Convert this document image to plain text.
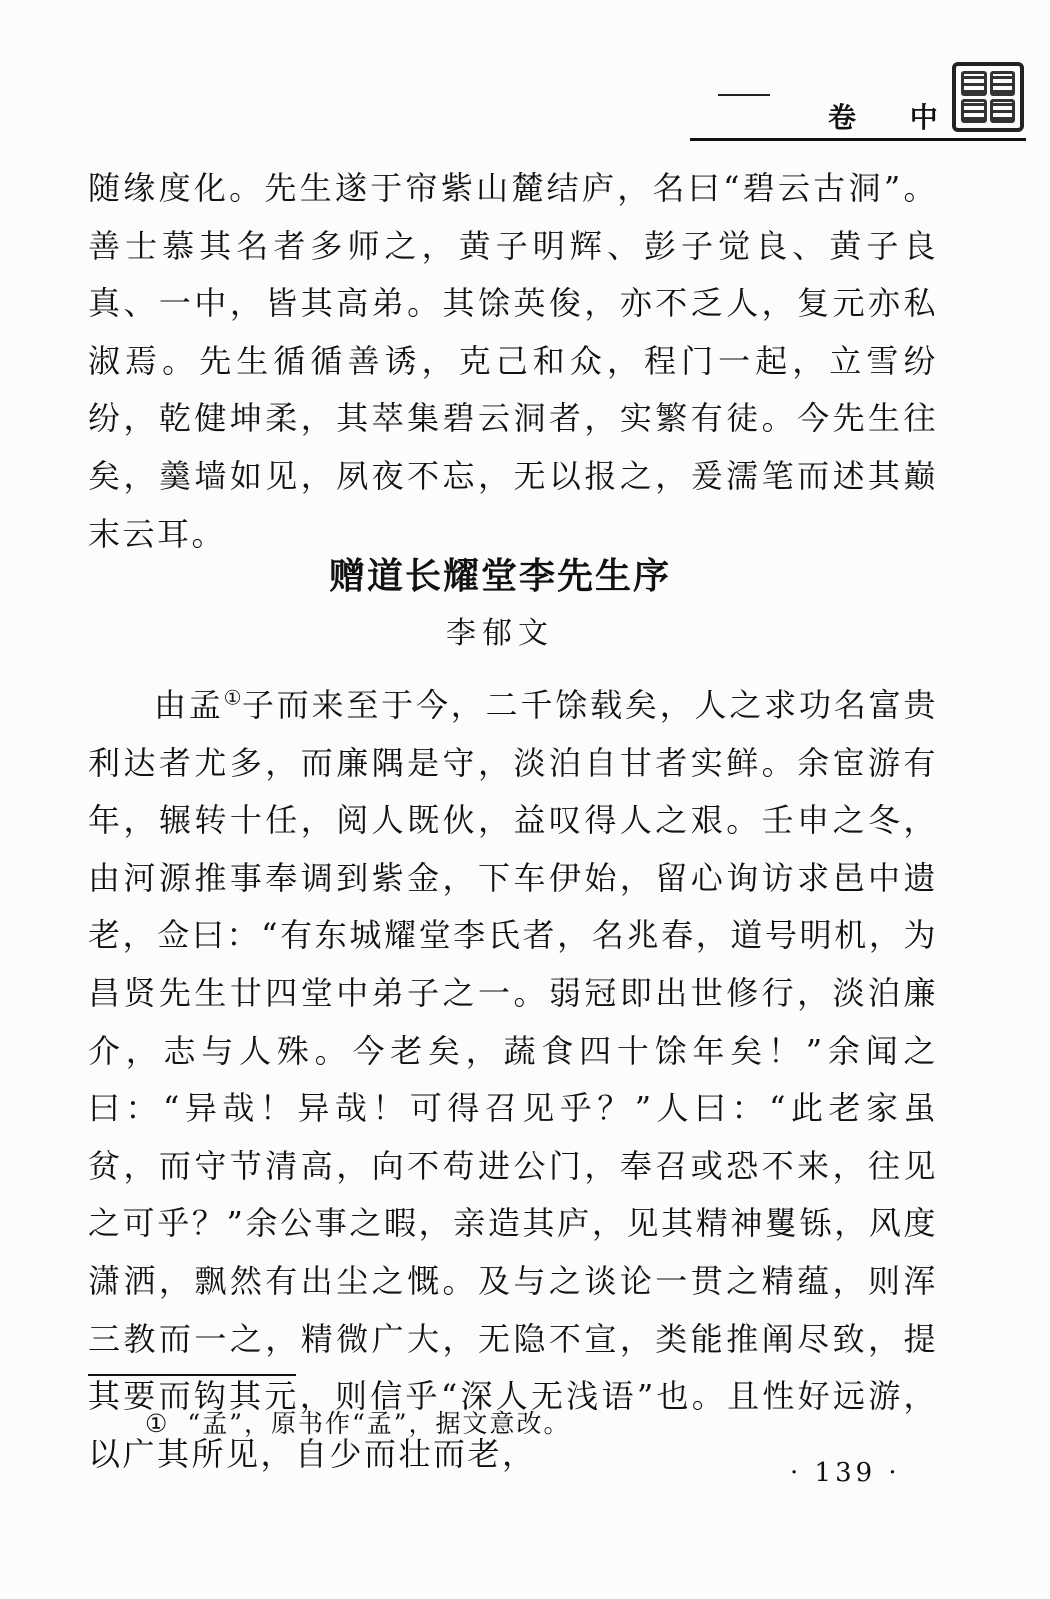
卷 中
随缘度化。先生遂于帘紫山麓结庐，名曰“碧云古洞”。善士慕其名者多师之，黄子明辉、彭子觉良、黄子良真、一中，皆其高弟。其馀英俊，亦不乏人，复元亦私淑焉。先生循循善诱，克己和众，程门一起，立雪纷纷，乾健坤柔，其萃集碧云洞者，实繁有徒。今先生往矣，羹墙如见，夙夜不忘，无以报之，爰濡笔而述其巅末云耳。
赠道长耀堂李先生序
李郁文
由孟①子而来至于今，二千馀载矣，人之求功名富贵利达者尤多，而廉隅是守，淡泊自甘者实鲜。余宦游有年，辗转十任，阅人既伙，益叹得人之艰。壬申之冬，由河源推事奉调到紫金，下车伊始，留心询访求邑中遗老，佥曰：“有东城耀堂李氏者，名兆春，道号明机，为昌贤先生廿四堂中弟子之一。弱冠即出世修行，淡泊廉介，志与人殊。今老矣，蔬食四十馀年矣！”余闻之曰：“异哉！异哉！可得召见乎？”人曰：“此老家虽贫，而守节清高，向不苟进公门，奉召或恐不来，往见之可乎？”余公事之暇，亲造其庐，见其精神矍铄，风度潇洒，飘然有出尘之慨。及与之谈论一贯之精蕴，则浑三教而一之，精微广大，无隐不宣，类能推阐尽致，提其要而钩其元，则信乎“深人无浅语”也。且性好远游，以广其所见，自少而壮而老，
① “孟”，原书作“孟”，据文意改。
· 139 ·
